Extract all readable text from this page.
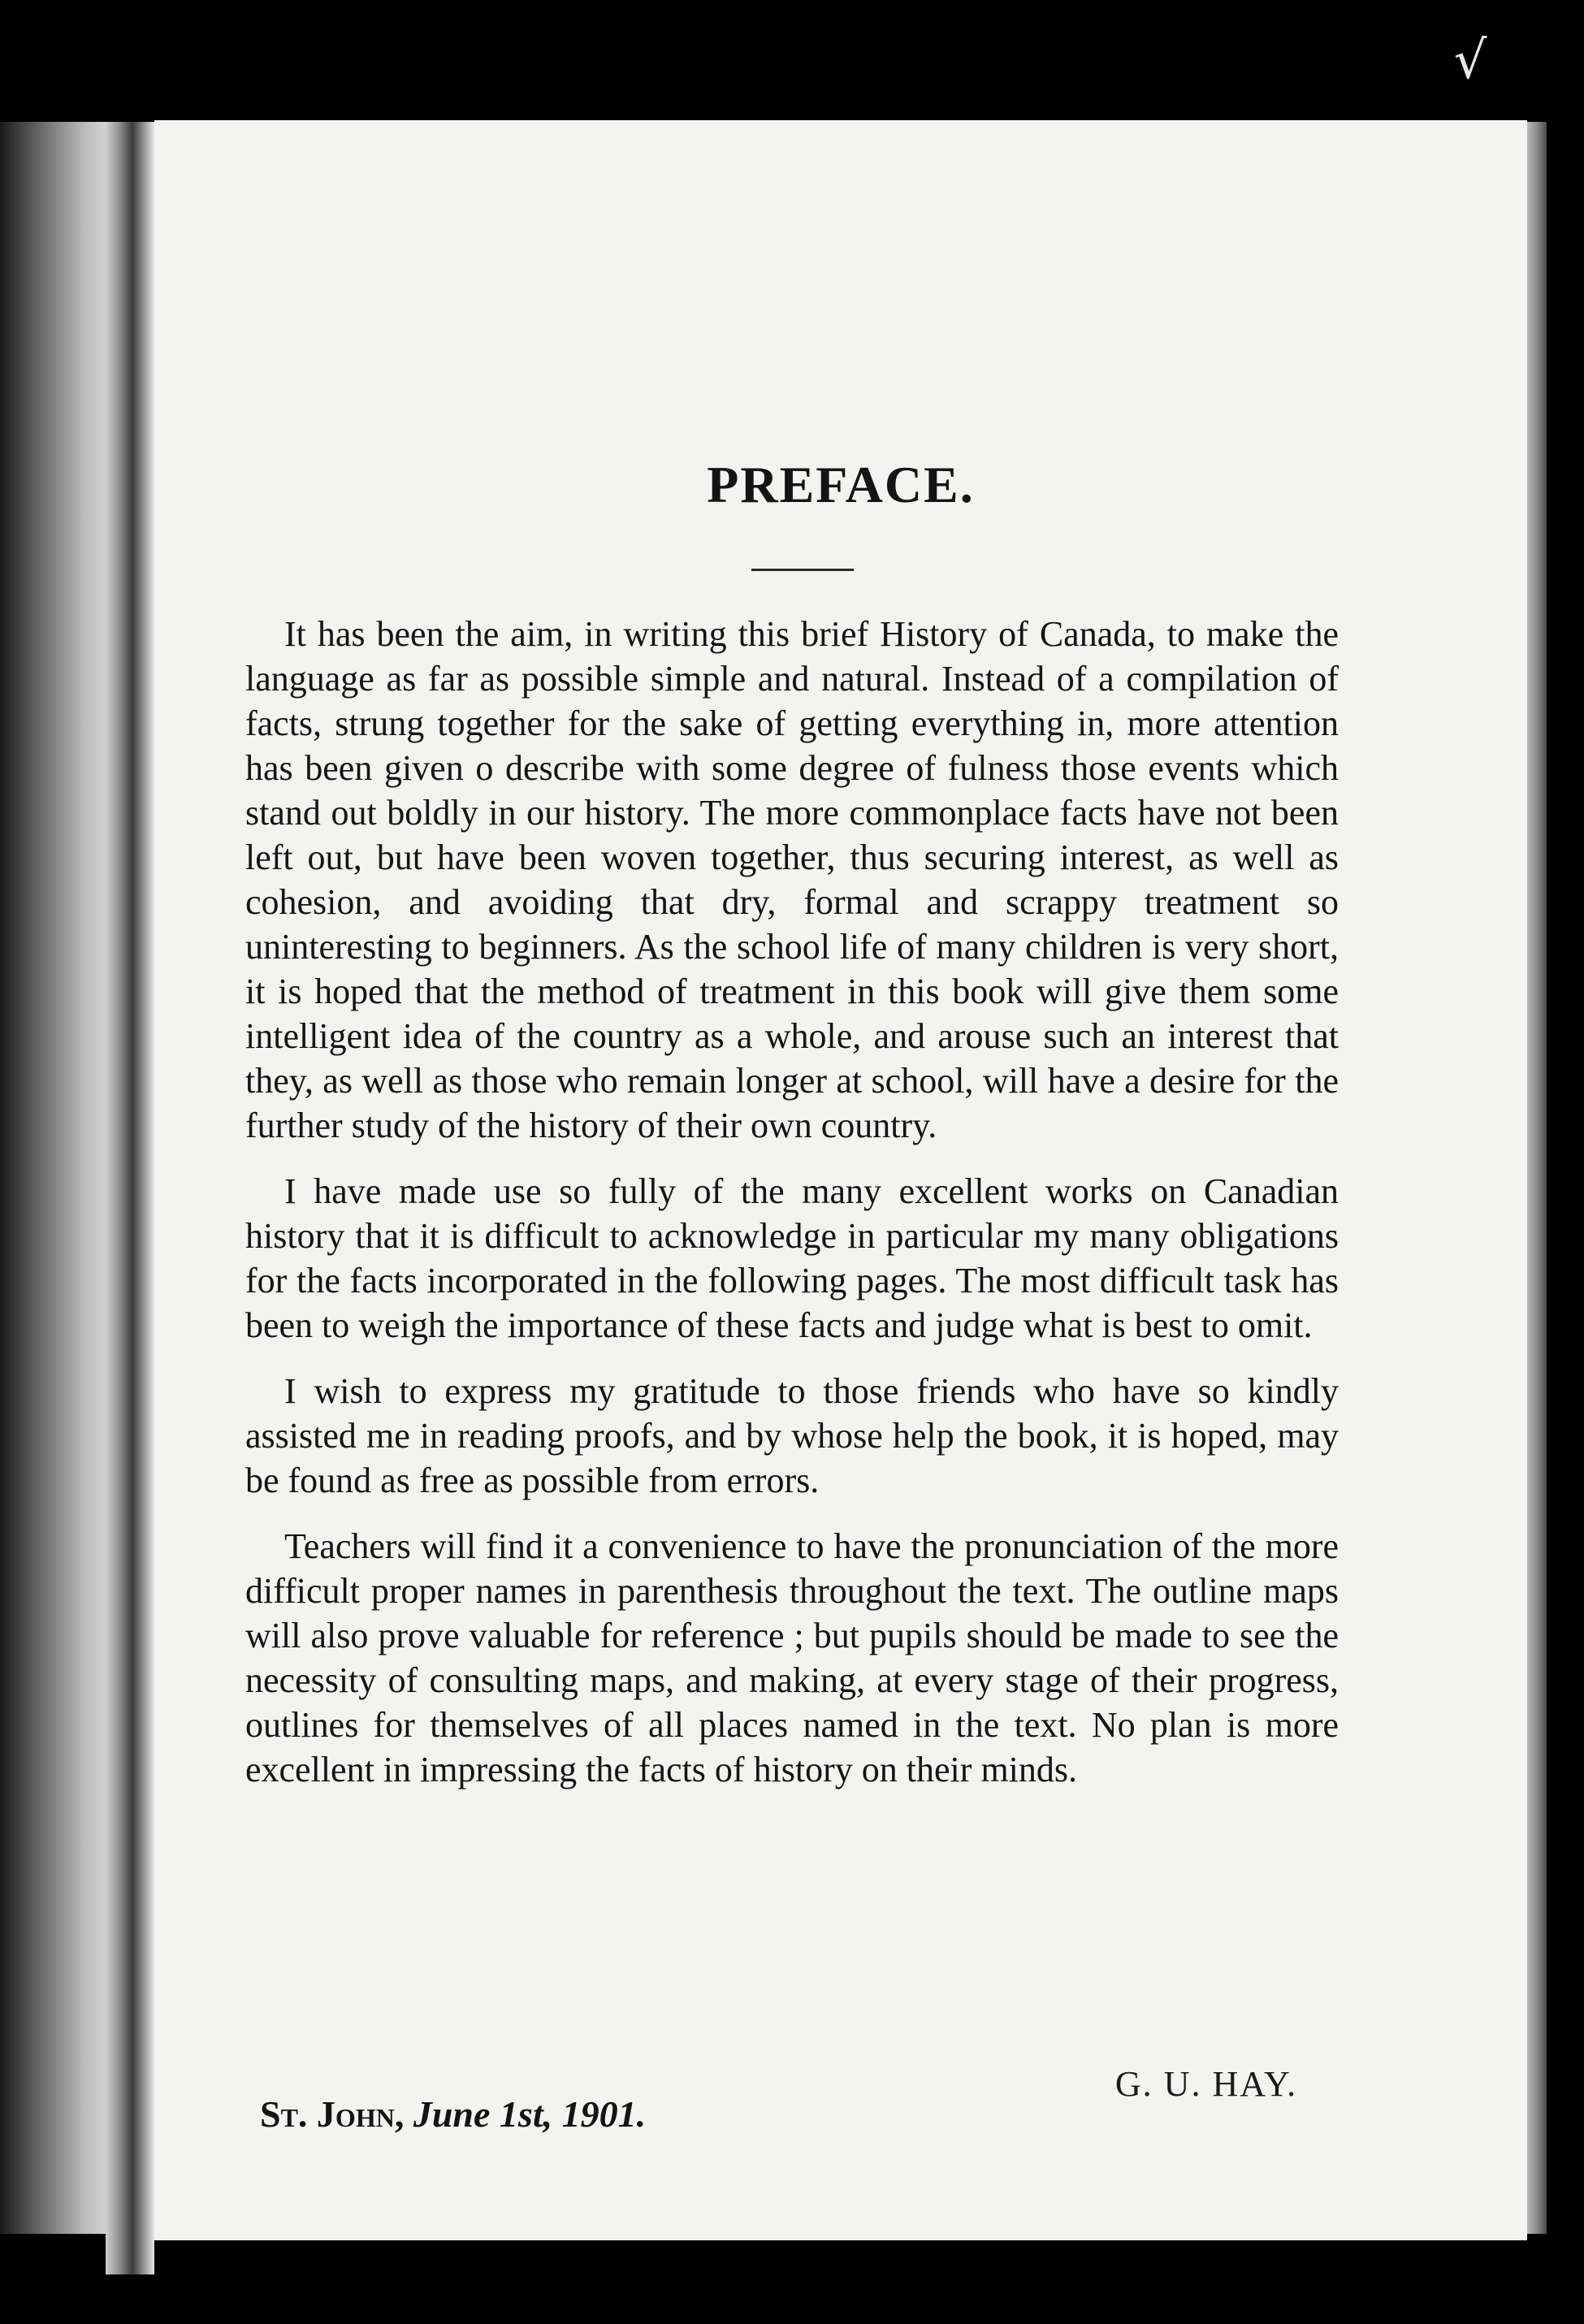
√
PREFACE.

It has been the aim, in writing this brief History of Canada, to make the language as far as possible simple and natural. Instead of a compilation of facts, strung together for the sake of getting everything in, more attention has been given o describe with some degree of fulness those events which stand out boldly in our history. The more commonplace facts have not been left out, but have been woven together, thus securing interest, as well as cohesion, and avoiding that dry, formal and scrappy treatment so uninteresting to beginners. As the school life of many children is very short, it is hoped that the method of treatment in this book will give them some intelligent idea of the country as a whole, and arouse such an interest that they, as well as those who remain longer at school, will have a desire for the further study of the history of their own country.

I have made use so fully of the many excellent works on Canadian history that it is difficult to acknowledge in particular my many obligations for the facts incorporated in the following pages. The most difficult task has been to weigh the importance of these facts and judge what is best to omit.

I wish to express my gratitude to those friends who have so kindly assisted me in reading proofs, and by whose help the book, it is hoped, may be found as free as possible from errors.

Teachers will find it a convenience to have the pronunciation of the more difficult proper names in parenthesis throughout the text. The outline maps will also prove valuable for reference ; but pupils should be made to see the necessity of consulting maps, and making, at every stage of their progress, outlines for themselves of all places named in the text. No plan is more excellent in impressing the facts of history on their minds.

G. U. HAY.
St. John, June 1st, 1901.
